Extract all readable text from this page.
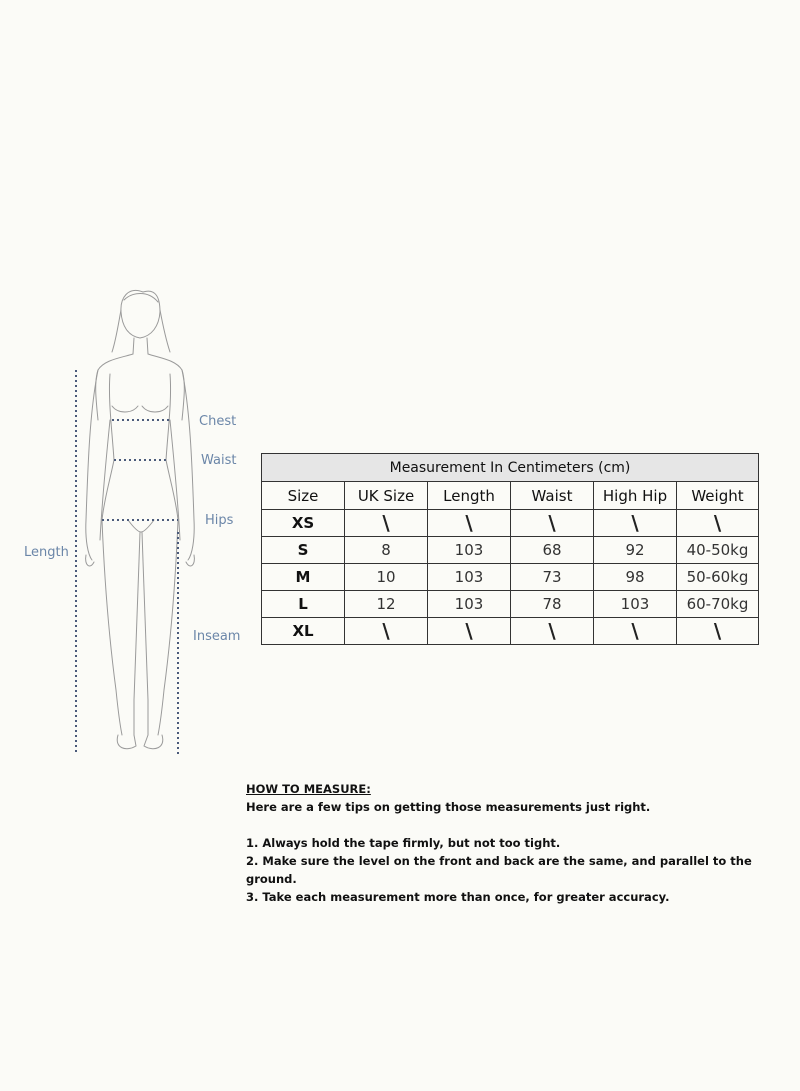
Chest
Waist
Hips
Length
Inseam
Measurement In Centimeters (cm)					
Size	UK Size	Length	Waist	High Hip	Weight
XS	\	\	\	\	\
S	8	103	68	92	40-50kg
M	10	103	73	98	50-60kg
L	12	103	78	103	60-70kg
XL	\	\	\	\	\
HOW TO MEASURE:
Here are a few tips on getting those measurements just right.
1. Always hold the tape firmly, but not too tight.
2. Make sure the level on the front and back are the same, and parallel to the ground.
3. Take each measurement more than once, for greater accuracy.
